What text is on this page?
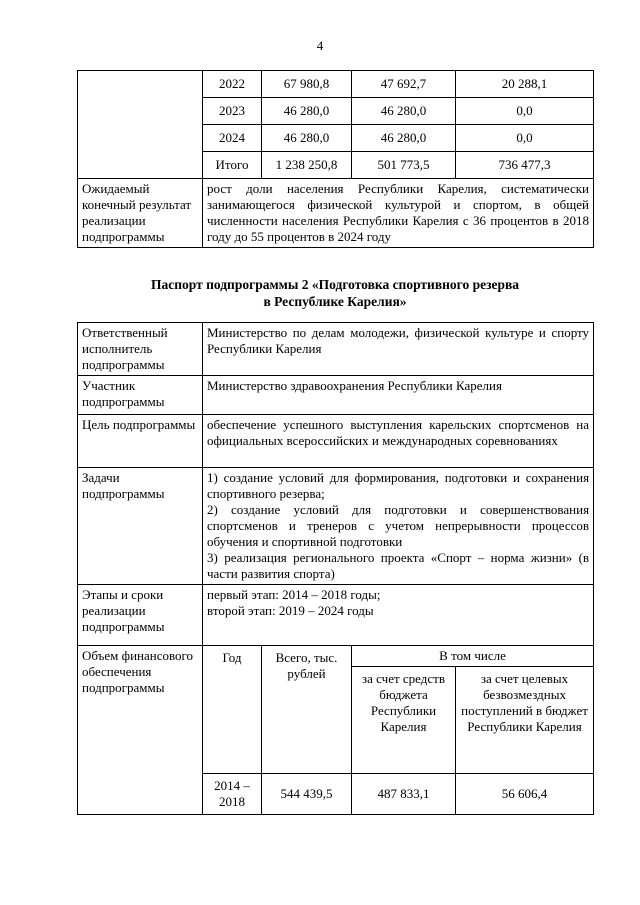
4
	2022	67 980,8	47 692,7	20 288,1
	2023	46 280,0	46 280,0	0,0
	2024	46 280,0	46 280,0	0,0
	Итого	1 238 250,8	501 773,5	736 477,3
Ожидаемый конечный результат реализации подпрограммы	рост доли населения Республики Карелия, систематически занимающегося физической культурой и спортом, в общей численности населения Республики Карелия с 36 процентов в 2018 году до 55 процентов в 2024 году			
Паспорт подпрограммы 2 «Подготовка спортивного резерва
в Республике Карелия»
Ответственный исполнитель подпрограммы	Министерство по делам молодежи, физической культуре и спорту Республики Карелия			
Участник подпрограммы	Министерство здравоохранения Республики Карелия			
Цель подпрограммы	обеспечение успешного выступления карельских спортсменов на официальных всероссийских и международных соревнованиях			
Задачи подпрограммы	1) создание условий для формирования, подготовки и сохранения спортивного резерва;
2) создание условий для подготовки и совершенствования спортсменов и тренеров с учетом непрерывности процессов обучения и спортивной подготовки
3) реализация регионального проекта «Спорт – норма жизни» (в части развития спорта)			

Этапы и сроки реализации подпрограммы	первый этап: 2014 – 2018 годы;
второй этап: 2019 – 2024 годы			

Объем финансового обеспечения подпрограммы	Год	Всего, тыс. рублей	В том числе	
			за счет средств бюджета Республики Карелия	за счет целевых безвозмездных поступлений в бюджет Республики Карелия
	2014 – 2018	544 439,5	487 833,1	56 606,4
